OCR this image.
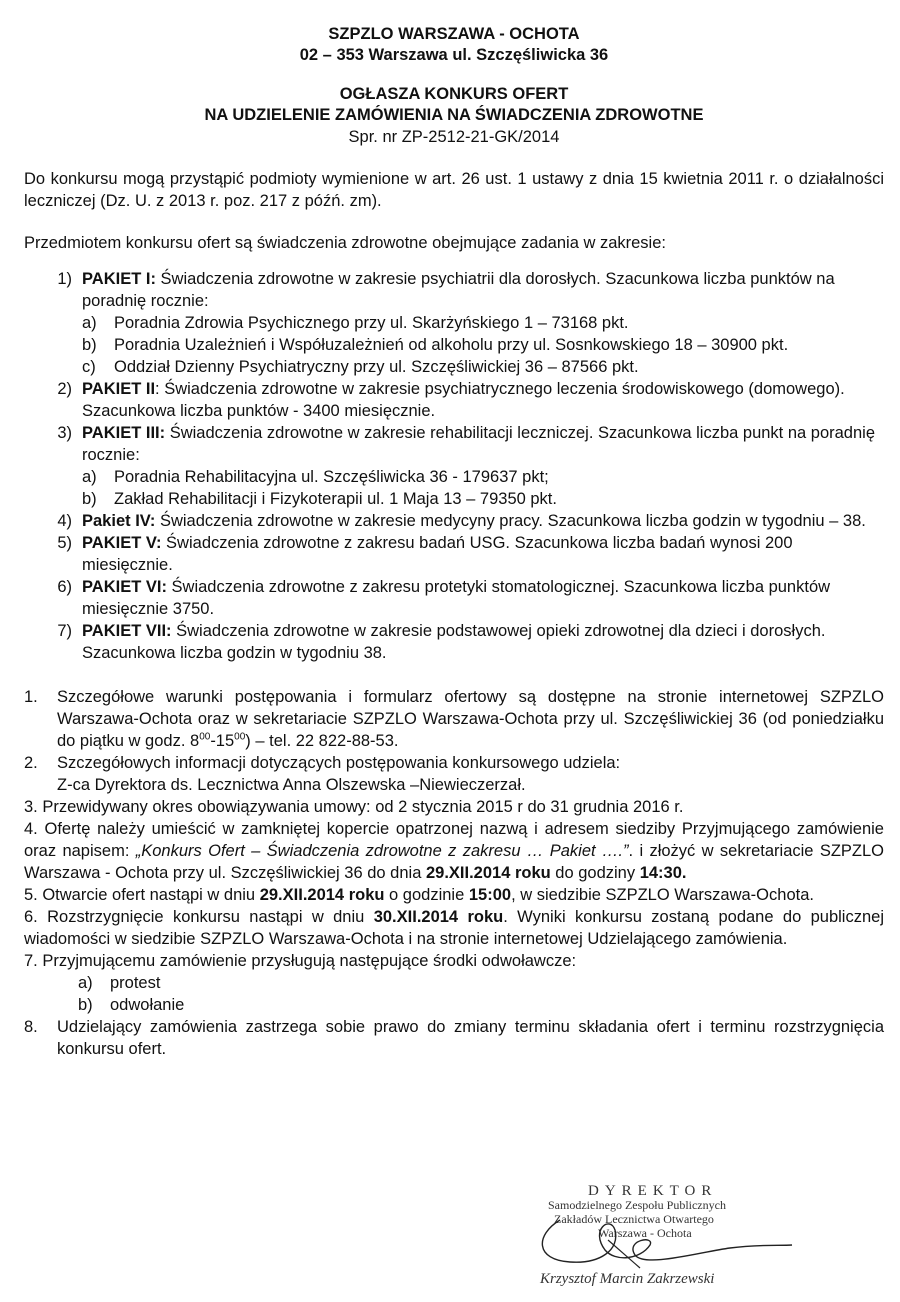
SZPZLO WARSZAWA - OCHOTA
02 – 353 Warszawa ul. Szczęśliwicka 36
OGŁASZA KONKURS OFERT
NA UDZIELENIE ZAMÓWIENIA NA ŚWIADCZENIA ZDROWOTNE
Spr. nr ZP-2512-21-GK/2014
Do konkursu mogą przystąpić podmioty wymienione w art. 26 ust. 1 ustawy z dnia 15 kwietnia 2011 r. o działalności leczniczej (Dz. U. z 2013 r. poz. 217 z późń. zm).
Przedmiotem konkursu ofert są świadczenia zdrowotne obejmujące zadania w zakresie:
1) PAKIET I: Świadczenia zdrowotne w zakresie psychiatrii dla dorosłych. Szacunkowa liczba punktów na poradnię rocznie:
a)	Poradnia Zdrowia Psychicznego przy ul. Skarżyńskiego 1 – 73168 pkt.
b)	Poradnia Uzależnień i Współuzależnień od alkoholu przy ul. Sosnkowskiego 18 – 30900 pkt.
c)	Oddział Dzienny Psychiatryczny przy ul. Szczęśliwickiej 36 – 87566 pkt.
2) PAKIET II: Świadczenia zdrowotne w zakresie psychiatrycznego leczenia środowiskowego (domowego). Szacunkowa liczba punktów - 3400 miesięcznie.
3) PAKIET III: Świadczenia zdrowotne w zakresie rehabilitacji leczniczej. Szacunkowa liczba punkt na poradnię rocznie:
a)	Poradnia Rehabilitacyjna ul. Szczęśliwicka 36 - 179637 pkt;
b)	Zakład Rehabilitacji i Fizykoterapii ul. 1 Maja 13 – 79350 pkt.
4) Pakiet IV: Świadczenia zdrowotne w zakresie medycyny pracy. Szacunkowa liczba godzin w tygodniu – 38.
5) PAKIET V: Świadczenia zdrowotne z zakresu badań USG. Szacunkowa liczba badań wynosi 200 miesięcznie.
6) PAKIET VI: Świadczenia zdrowotne z zakresu protetyki stomatologicznej. Szacunkowa liczba punktów miesięcznie 3750.
7) PAKIET VII: Świadczenia zdrowotne w zakresie podstawowej opieki zdrowotnej dla dzieci i dorosłych. Szacunkowa liczba godzin w tygodniu 38.
1.	Szczegółowe warunki postępowania i formularz ofertowy są dostępne na stronie internetowej SZPZLO Warszawa-Ochota oraz w sekretariacie SZPZLO Warszawa-Ochota przy ul. Szczęśliwickiej 36 (od poniedziałku do piątku w godz. $8^{00}-15^{00}$) – tel. 22 822-88-53.
2.	Szczegółowych informacji dotyczących postępowania konkursowego udziela:
Z-ca Dyrektora ds. Lecznictwa Anna Olszewska –Niewieczerzał.
3. Przewidywany okres obowiązywania umowy: od 2 stycznia 2015 r do 31 grudnia 2016 r.
4. Ofertę należy umieścić w zamkniętej kopercie opatrzonej nazwą i adresem siedziby Przyjmującego zamówienie oraz napisem: „Konkurs Ofert – Świadczenia zdrowotne z zakresu … Pakiet ….”. i złożyć w sekretariacie SZPZLO Warszawa - Ochota przy ul. Szczęśliwickiej 36 do dnia 29.XII.2014 roku do godziny 14:30.
5. Otwarcie ofert nastąpi w dniu 29.XII.2014 roku o godzinie 15:00, w siedzibie SZPZLO Warszawa-Ochota.
6. Rozstrzygnięcie konkursu nastąpi w dniu 30.XII.2014 roku. Wyniki konkursu zostaną podane do publicznej wiadomości w siedzibie SZPZLO Warszawa-Ochota i na stronie internetowej Udzielającego zamówienia.
7. Przyjmującemu zamówienie przysługują następujące środki odwoławcze:
a)	protest
b)	odwołanie
8.	Udzielający zamówienia zastrzega sobie prawo do zmiany terminu składania ofert i terminu rozstrzygnięcia konkursu ofert.
DYREKTOR
Samodzielnego Zespołu Publicznych
Zakładów Lecznictwa Otwartego
Warszawa - Ochota
Krzysztof Marcin Zakrzewski
